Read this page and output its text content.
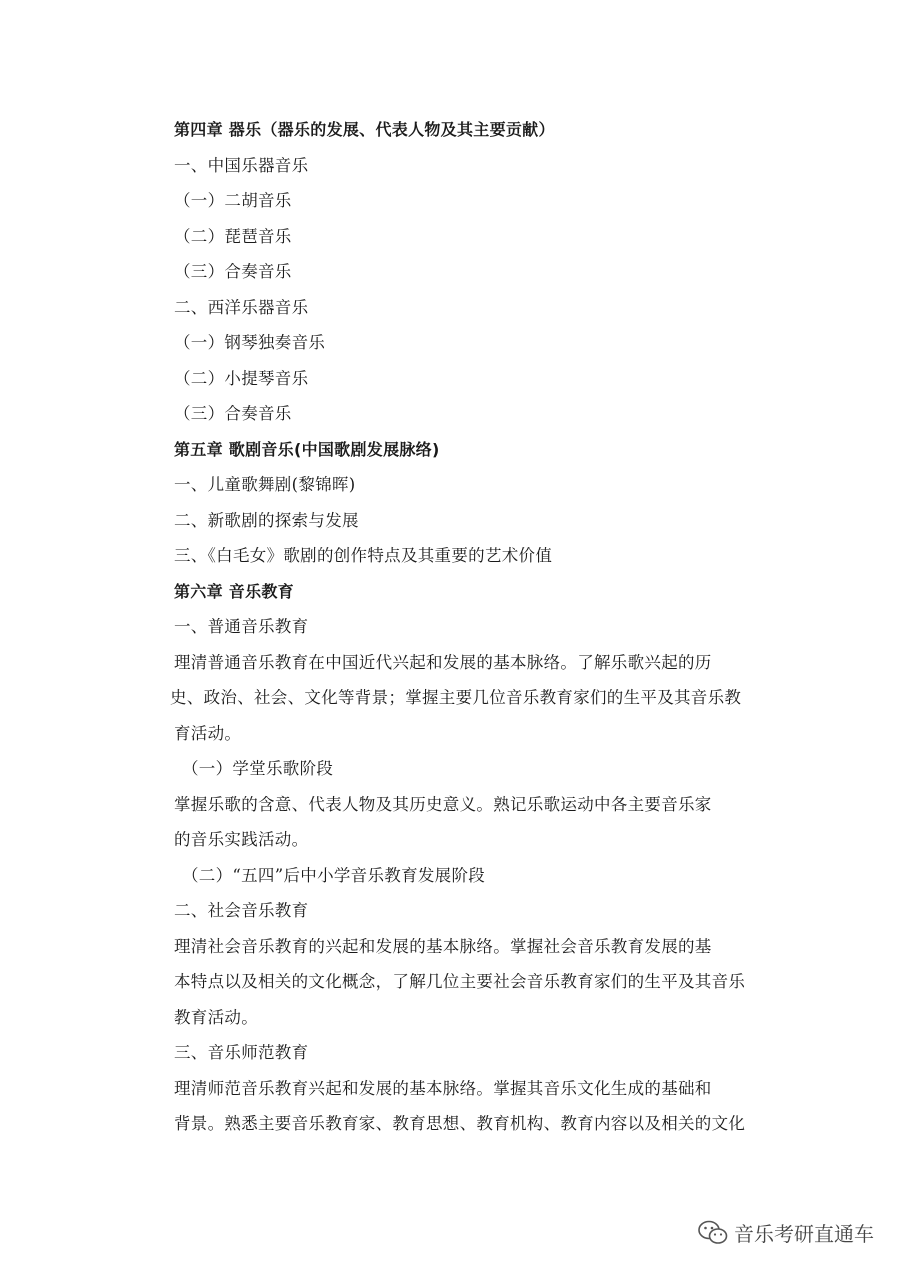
第四章 器乐（器乐的发展、代表人物及其主要贡献）

一、中国乐器音乐

（一）二胡音乐

（二）琵琶音乐

（三）合奏音乐

二、西洋乐器音乐

（一）钢琴独奏音乐

（二）小提琴音乐

（三）合奏音乐

第五章 歌剧音乐(中国歌剧发展脉络)

一、儿童歌舞剧(黎锦晖)

二、新歌剧的探索与发展

三、《白毛女》歌剧的创作特点及其重要的艺术价值

第六章 音乐教育

一、普通音乐教育

理清普通音乐教育在中国近代兴起和发展的基本脉络。了解乐歌兴起的历

史、政治、社会、文化等背景；掌握主要几位音乐教育家们的生平及其音乐教

育活动。

（一）学堂乐歌阶段

掌握乐歌的含意、代表人物及其历史意义。熟记乐歌运动中各主要音乐家

的音乐实践活动。

（二）“五四”后中小学音乐教育发展阶段

二、社会音乐教育

理清社会音乐教育的兴起和发展的基本脉络。掌握社会音乐教育发展的基

本特点以及相关的文化概念，了解几位主要社会音乐教育家们的生平及其音乐

教育活动。

三、音乐师范教育

理清师范音乐教育兴起和发展的基本脉络。掌握其音乐文化生成的基础和

背景。熟悉主要音乐教育家、教育思想、教育机构、教育内容以及相关的文化

音乐考研直通车
